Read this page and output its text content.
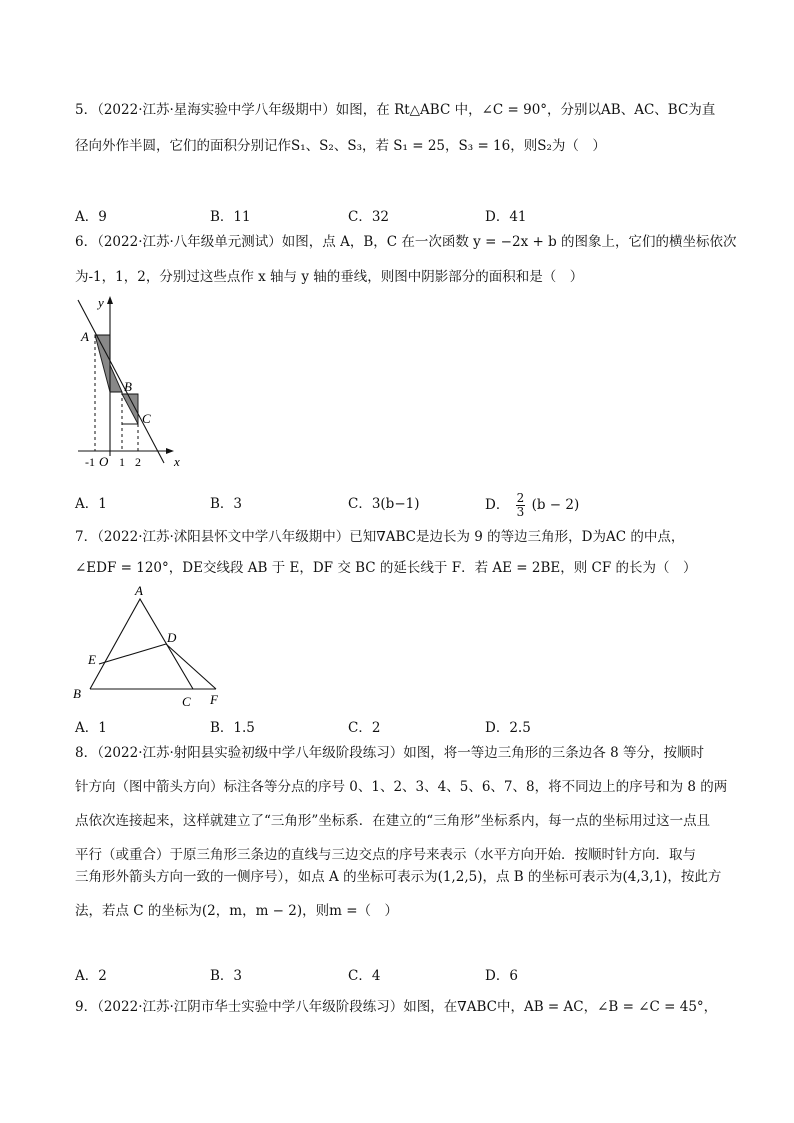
5．（2022·江苏·星海实验中学八年级期中）如图，在 Rt△ABC 中，∠C = 90°，分别以AB、AC、BC为直
径向外作半圆，它们的面积分别记作S₁、S₂、S₃，若 S₁ = 25，S₃ = 16，则S₂为（　）
A．9	B．11	C．32	D．41
6．（2022·江苏·八年级单元测试）如图，点 A，B，C 在一次函数 y = −2x + b 的图象上，它们的横坐标依次
为-1，1，2，分别过这些点作 x 轴与 y 轴的垂线，则图中阴影部分的面积和是（　）
y
x
A
B
C
-1 O 1 2
A．1	B．3	C．3(b−1)	D． $\frac{2}{3} (b - 2)$
7．（2022·江苏·沭阳县怀文中学八年级期中）已知∇ABC是边长为 9 的等边三角形，D为AC 的中点，
∠EDF = 120°，DE交线段 AB 于 E，DF 交 BC 的延长线于 F．若 AE = 2BE，则 CF 的长为（　）
A
B
C
D
E
F
A．1	B．1.5	C．2	D．2.5
8．（2022·江苏·射阳县实验初级中学八年级阶段练习）如图，将一等边三角形的三条边各 8 等分，按顺时
针方向（图中箭头方向）标注各等分点的序号 0、1、2、3、4、5、6、7、8，将不同边上的序号和为 8 的两
点依次连接起来，这样就建立了“三角形”坐标系．在建立的“三角形”坐标系内，每一点的坐标用过这一点且
平行（或重合）于原三角形三条边的直线与三边交点的序号来表示（水平方向开始．按顺时针方向．取与
三角形外箭头方向一致的一侧序号），如点 A 的坐标可表示为(1,2,5)，点 B 的坐标可表示为(4,3,1)，按此方
法，若点 C 的坐标为(2，m，m − 2)，则m =（　）
A．2	B．3	C．4	D．6
9．（2022·江苏·江阴市华士实验中学八年级阶段练习）如图，在∇ABC中，AB = AC，∠B = ∠C = 45°，
